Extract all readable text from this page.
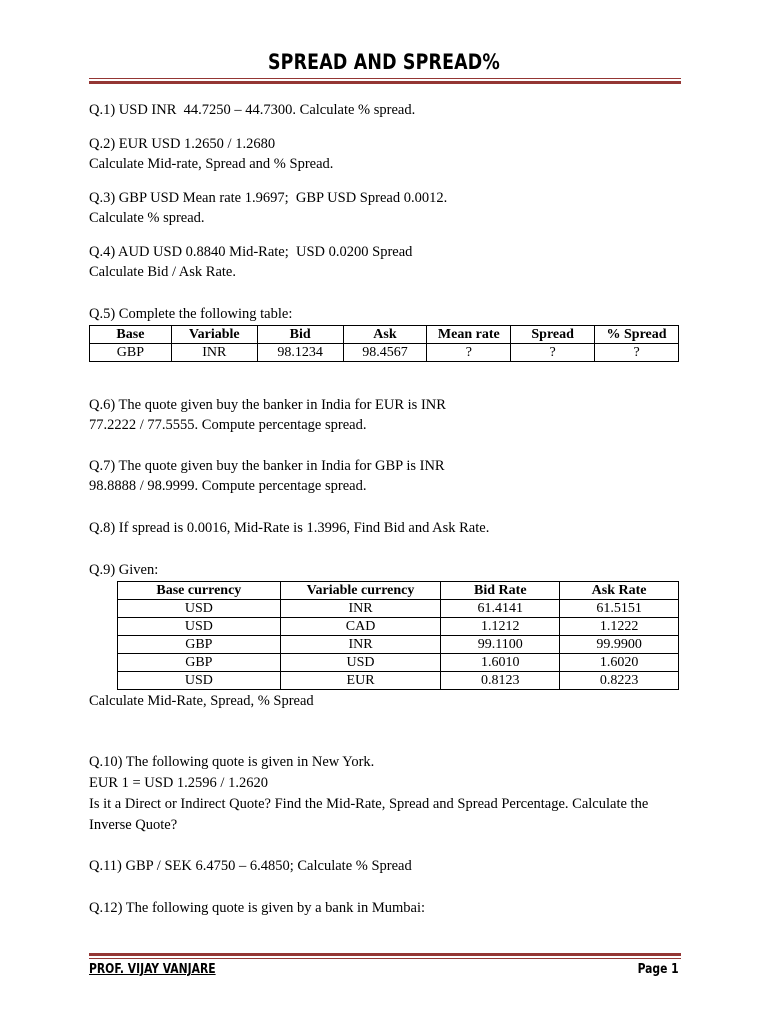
SPREAD AND SPREAD%
Q.1) USD INR  44.7250 – 44.7300. Calculate % spread.
Q.2) EUR USD 1.2650 / 1.2680
Calculate Mid-rate, Spread and % Spread.
Q.3) GBP USD Mean rate 1.9697;  GBP USD Spread 0.0012.
Calculate % spread.
Q.4) AUD USD 0.8840 Mid-Rate;  USD 0.0200 Spread
Calculate Bid / Ask Rate.
Q.5) Complete the following table:
Base	Variable	Bid	Ask	Mean rate	Spread	% Spread
GBP	INR	98.1234	98.4567	?	?	?
Q.6) The quote given buy the banker in India for EUR is INR
77.2222 / 77.5555. Compute percentage spread.
Q.7) The quote given buy the banker in India for GBP is INR
98.8888 / 98.9999. Compute percentage spread.
Q.8) If spread is 0.0016, Mid-Rate is 1.3996, Find Bid and Ask Rate.
Q.9) Given:
Base currency	Variable currency	Bid Rate	Ask Rate
USD	INR	61.4141	61.5151
USD	CAD	1.1212	1.1222
GBP	INR	99.1100	99.9900
GBP	USD	1.6010	1.6020
USD	EUR	0.8123	0.8223
Calculate Mid-Rate, Spread, % Spread
Q.10) The following quote is given in New York.
EUR 1 = USD 1.2596 / 1.2620
Is it a Direct or Indirect Quote? Find the Mid-Rate, Spread and Spread Percentage. Calculate the
Inverse Quote?
Q.11) GBP / SEK 6.4750 – 6.4850; Calculate % Spread
Q.12) The following quote is given by a bank in Mumbai:
PROF. VIJAY VANJARE	Page 1
